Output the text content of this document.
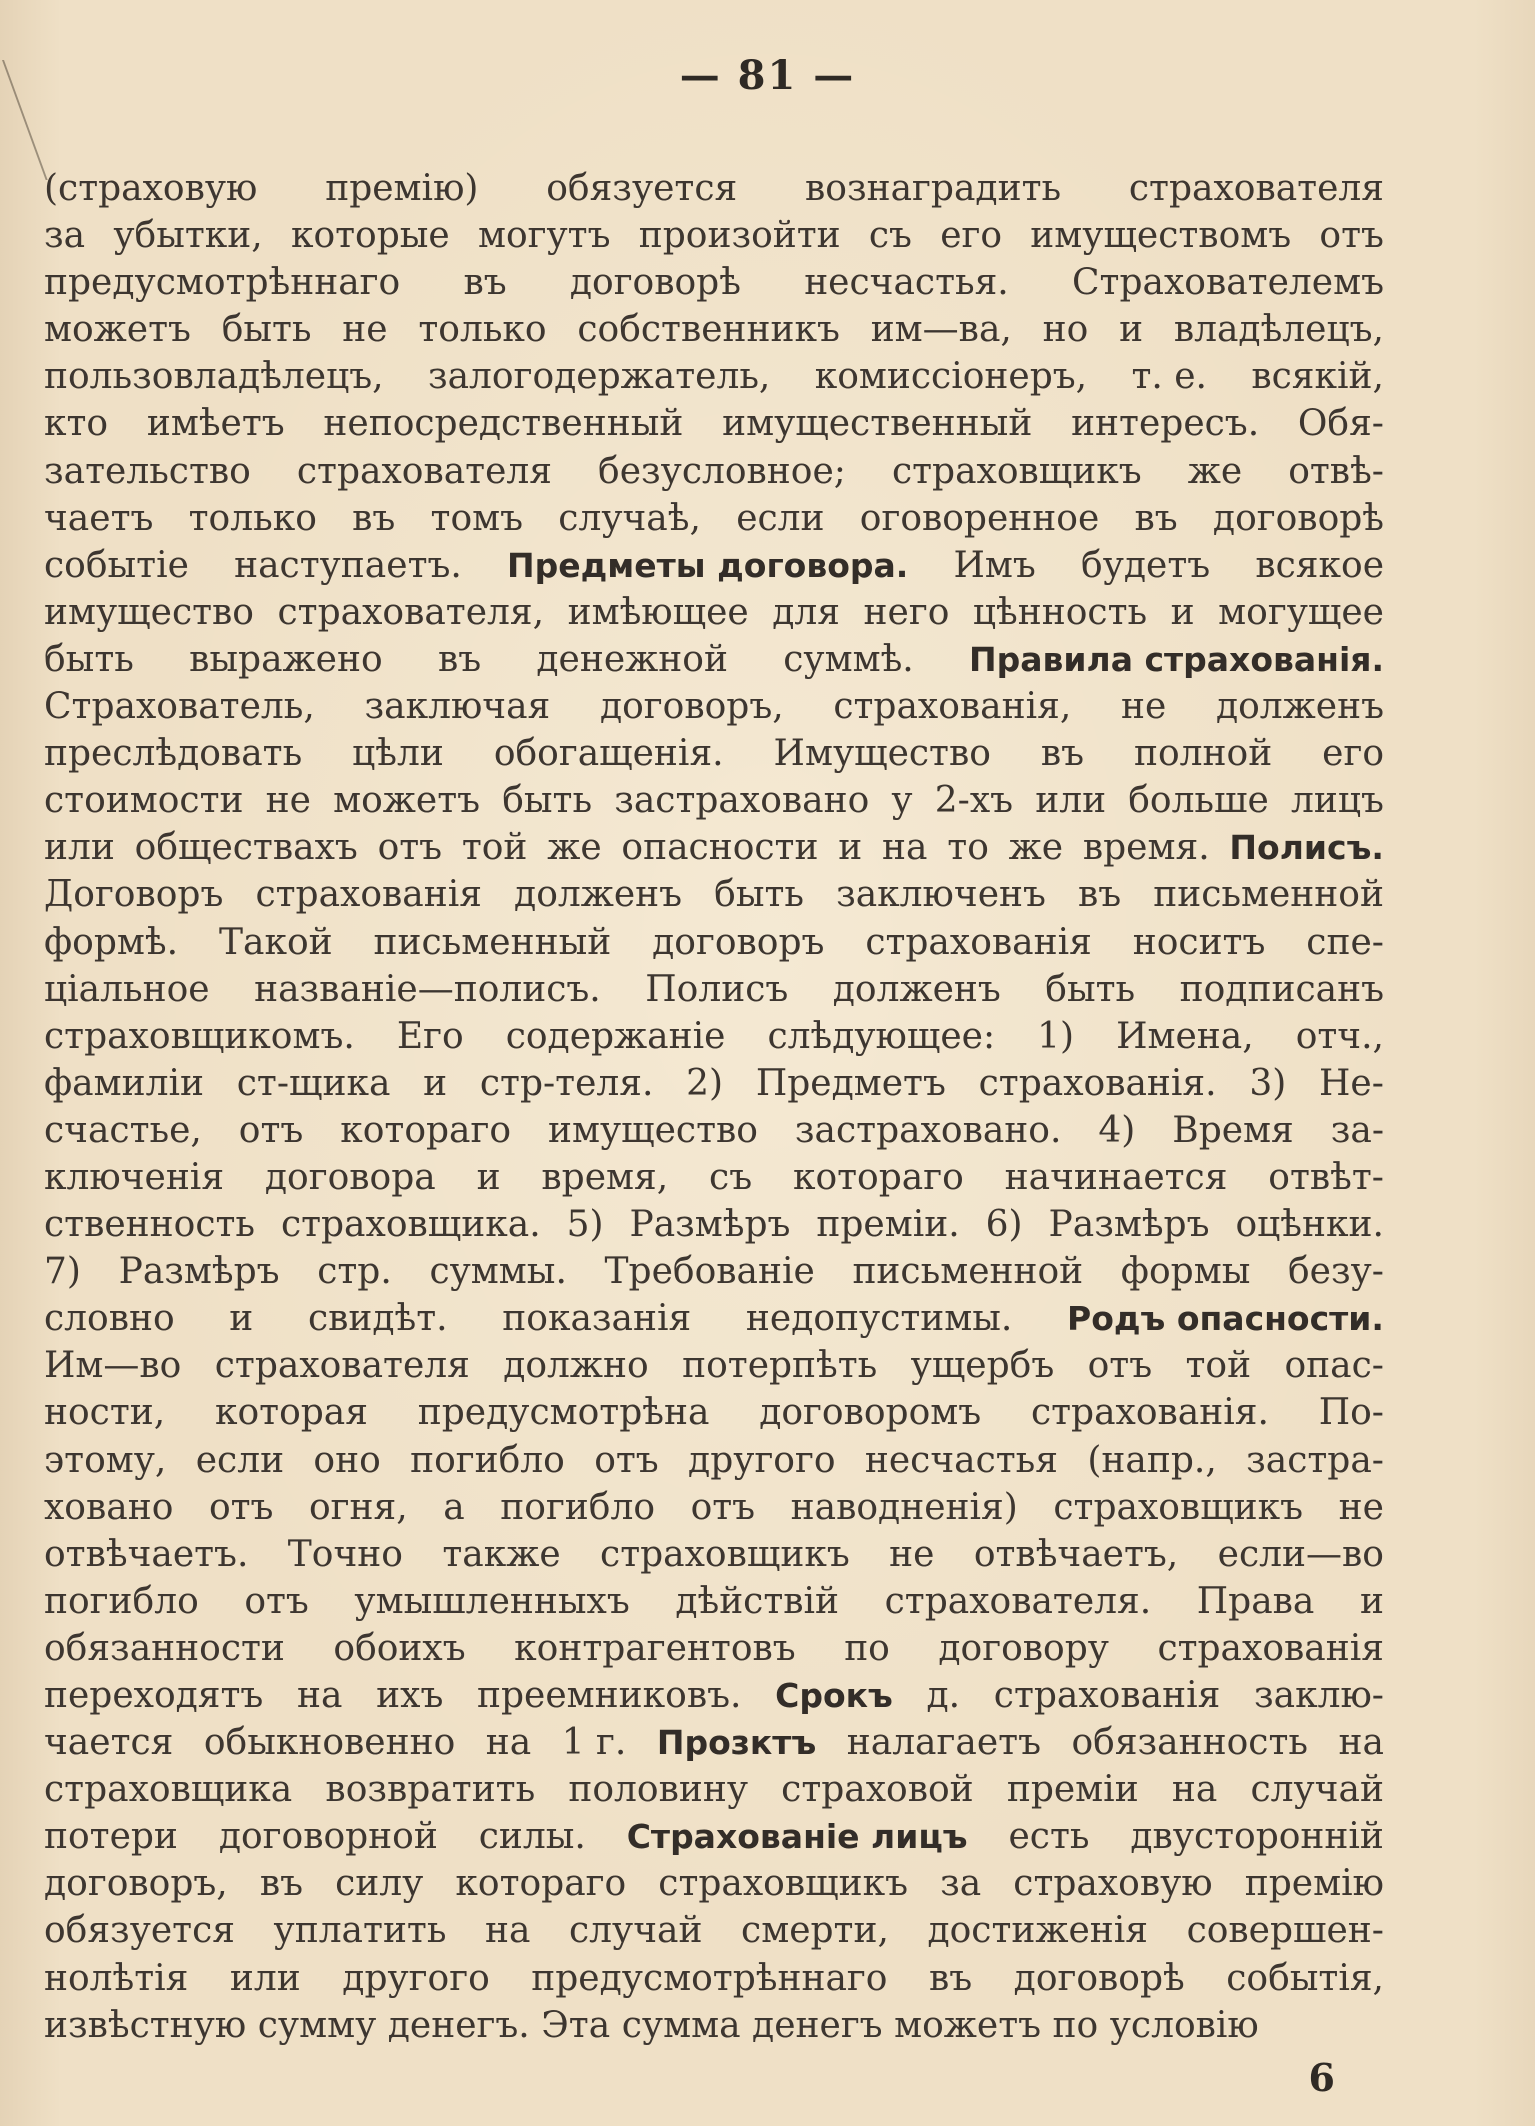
— 81 —
(страховую премію) обязуется вознаградить страхователя
за убытки, которые могутъ произойти съ его имуществомъ отъ
предусмотрѣннаго въ договорѣ несчастья. Страхователемъ
можетъ быть не только собственникъ им—ва, но и владѣлецъ,
пользовладѣлецъ, залогодержатель, комиссіонеръ, т. е. всякій,
кто имѣетъ непосредственный имущественный интересъ. Обя-
зательство страхователя безусловное; страховщикъ же отвѣ-
чаетъ только въ томъ случаѣ, если оговоренное въ договорѣ
событіе наступаетъ. Предметы договора. Имъ будетъ всякое
имущество страхователя, имѣющее для него цѣнность и могущее
быть выражено въ денежной суммѣ. Правила страхованія.
Страхователь, заключая договоръ, страхованія, не долженъ
преслѣдовать цѣли обогащенія. Имущество въ полной его
стоимости не можетъ быть застраховано у 2-хъ или больше лицъ
или обществахъ отъ той же опасности и на то же время. Полисъ.
Договоръ страхованія долженъ быть заключенъ въ письменной
формѣ. Такой письменный договоръ страхованія носитъ спе-
ціальное названіе—полисъ. Полисъ долженъ быть подписанъ
страховщикомъ. Его содержаніе слѣдующее: 1) Имена, отч.,
фамиліи ст-щика и стр-теля. 2) Предметъ страхованія. 3) Не-
счастье, отъ котораго имущество застраховано. 4) Время за-
ключенія договора и время, съ котораго начинается отвѣт-
ственность страховщика. 5) Размѣръ преміи. 6) Размѣръ оцѣнки.
7) Размѣръ стр. суммы. Требованіе письменной формы безу-
словно и свидѣт. показанія недопустимы. Родъ опасности.
Им—во страхователя должно потерпѣть ущербъ отъ той опас-
ности, которая предусмотрѣна договоромъ страхованія. По-
этому, если оно погибло отъ другого несчастья (напр., застра-
ховано отъ огня, а погибло отъ наводненія) страховщикъ не
отвѣчаетъ. Точно также страховщикъ не отвѣчаетъ, если—во
погибло отъ умышленныхъ дѣйствій страхователя. Права и
обязанности обоихъ контрагентовъ по договору страхованія
переходятъ на ихъ преемниковъ. Срокъ д. страхованія заклю-
чается обыкновенно на 1 г. Прозктъ налагаетъ обязанность на
страховщика возвратить половину страховой преміи на случай
потери договорной силы. Страхованіе лицъ есть двусторонній
договоръ, въ силу котораго страховщикъ за страховую премію
обязуется уплатить на случай смерти, достиженія совершен-
нолѣтія или другого предусмотрѣннаго въ договорѣ событія,
извѣстную сумму денегъ. Эта сумма денегъ можетъ по условію
6
